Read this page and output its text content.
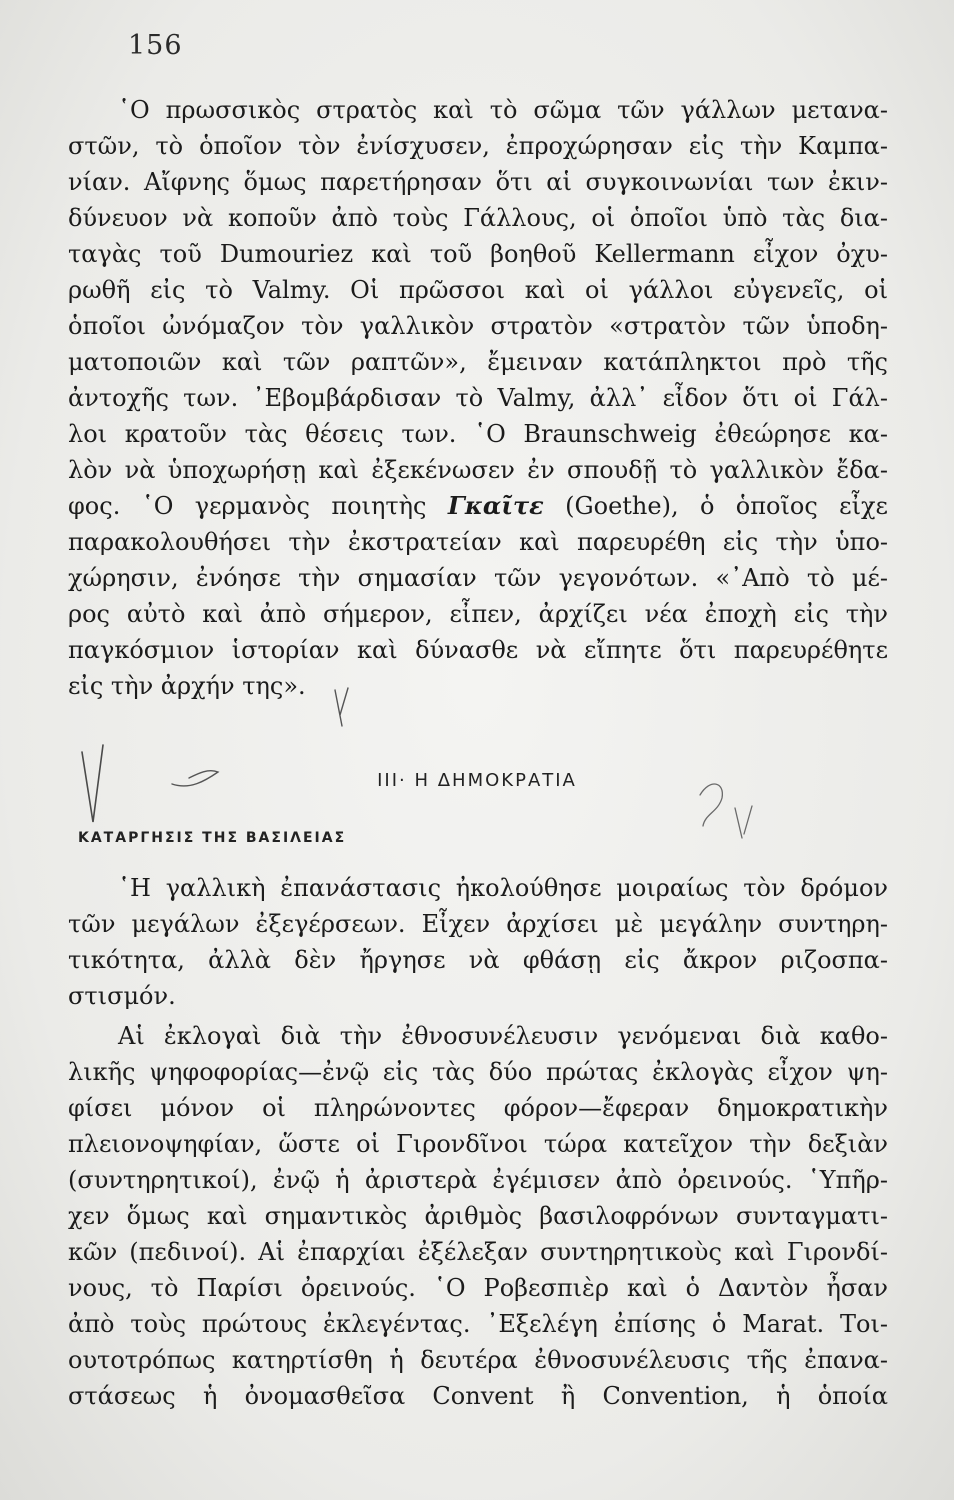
156
῾Ο πρωσσικὸς στρατὸς καὶ τὸ σῶμα τῶν γάλλων μετανα-
στῶν, τὸ ὁποῖον τὸν ἐνίσχυσεν, ἐπροχώρησαν εἰς τὴν Καμπα-
νίαν. Αἴφνης ὅμως παρετήρησαν ὅτι αἱ συγκοινωνίαι των ἐκιν-
δύνευον νὰ κοποῦν ἀπὸ τοὺς Γάλλους, οἱ ὁποῖοι ὑπὸ τὰς δια-
ταγὰς τοῦ Dumouriez καὶ τοῦ βοηθοῦ Kellermann εἶχον ὀχυ-
ρωθῆ εἰς τὸ Valmy. Οἱ πρῶσσοι καὶ οἱ γάλλοι εὐγενεῖς, οἱ
ὁποῖοι ὠνόμαζον τὸν γαλλικὸν στρατὸν «στρατὸν τῶν ὑποδη-
ματοποιῶν καὶ τῶν ραπτῶν», ἔμειναν κατάπληκτοι πρὸ τῆς
ἀντοχῆς των. ᾿Εβομβάρδισαν τὸ Valmy, ἀλλ᾿ εἶδον ὅτι οἱ Γάλ-
λοι κρατοῦν τὰς θέσεις των. ῾Ο Braunschweig ἐθεώρησε κα-
λὸν νὰ ὑποχωρήσῃ καὶ ἐξεκένωσεν ἐν σπουδῇ τὸ γαλλικὸν ἔδα-
φος. ῾Ο γερμανὸς ποιητὴς Γκαῖτε (Goethe), ὁ ὁποῖος εἶχε
παρακολουθήσει τὴν ἐκστρατείαν καὶ παρευρέθη εἰς τὴν ὑπο-
χώρησιν, ἐνόησε τὴν σημασίαν τῶν γεγονότων. «᾿Απὸ τὸ μέ-
ρος αὐτὸ καὶ ἀπὸ σήμερον, εἶπεν, ἀρχίζει νέα ἐποχὴ εἰς τὴν
παγκόσμιον ἱστορίαν καὶ δύνασθε νὰ εἴπητε ὅτι παρευρέθητε
εἰς τὴν ἀρχήν της».
III· Η ΔΗΜΟΚΡΑΤΙΑ
ΚΑΤΑΡΓΗΣΙΣ ΤΗΣ ΒΑΣΙΛΕΙΑΣ
῾Η γαλλικὴ ἐπανάστασις ἠκολούθησε μοιραίως τὸν δρόμον
τῶν μεγάλων ἐξεγέρσεων. Εἶχεν ἀρχίσει μὲ μεγάλην συντηρη-
τικότητα, ἀλλὰ δὲν ἤργησε νὰ φθάσῃ εἰς ἄκρον ριζοσπα-
στισμόν.
Αἱ ἐκλογαὶ διὰ τὴν ἐθνοσυνέλευσιν γενόμεναι διὰ καθο-
λικῆς ψηφοφορίας—ἐνῷ εἰς τὰς δύο πρώτας ἐκλογὰς εἶχον ψη-
φίσει μόνον οἱ πληρώνοντες φόρον—ἔφεραν δημοκρατικὴν
πλειονοψηφίαν, ὥστε οἱ Γιρονδῖνοι τώρα κατεῖχον τὴν δεξιὰν
(συντηρητικοί), ἐνῷ ἡ ἀριστερὰ ἐγέμισεν ἀπὸ ὀρεινούς. ῾Υπῆρ-
χεν ὅμως καὶ σημαντικὸς ἀριθμὸς βασιλοφρόνων συνταγματι-
κῶν (πεδινοί). Αἱ ἐπαρχίαι ἐξέλεξαν συντηρητικοὺς καὶ Γιρονδί-
νους, τὸ Παρίσι ὀρεινούς. ῾Ο Ροβεσπιὲρ καὶ ὁ Δαντὸν ἦσαν
ἀπὸ τοὺς πρώτους ἐκλεγέντας. ᾿Εξελέγη ἐπίσης ὁ Marat. Τοι-
ουτοτρόπως κατηρτίσθη ἡ δευτέρα ἐθνοσυνέλευσις τῆς ἐπανα-
στάσεως ἡ ὀνομασθεῖσα Convent ἢ Convention, ἡ ὁποία
